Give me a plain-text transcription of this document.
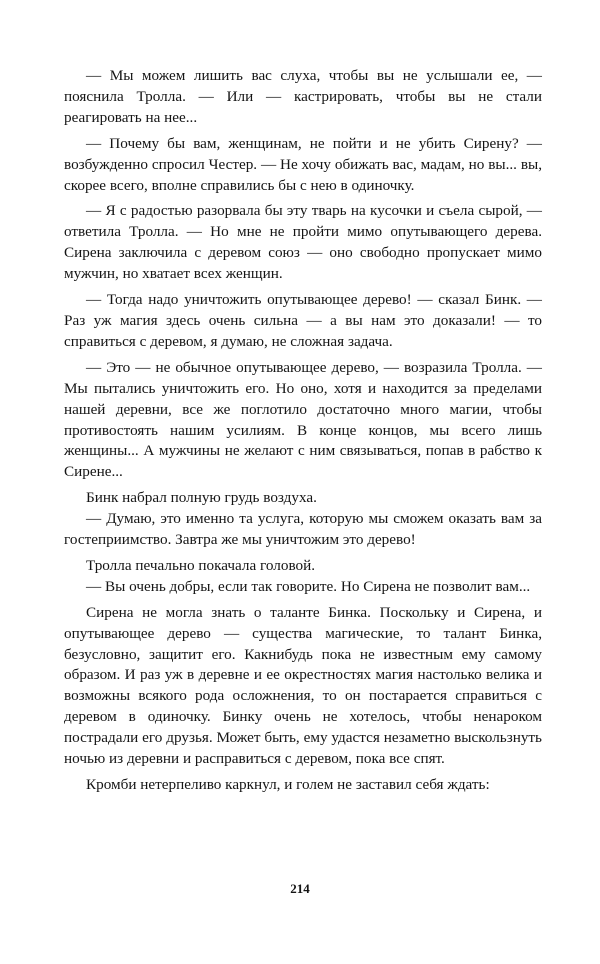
— Мы можем лишить вас слуха, чтобы вы не услышали ее, — пояснила Тролла. — Или — кастрировать, чтобы вы не стали реагировать на нее...

— Почему бы вам, женщинам, не пойти и не убить Сирену? — возбужденно спросил Честер. — Не хочу обижать вас, мадам, но вы... вы, скорее всего, вполне справились бы с нею в одиночку.

— Я с радостью разорвала бы эту тварь на кусочки и съела сырой, — ответила Тролла. — Но мне не пройти мимо опутывающего дерева. Сирена заключила с деревом союз — оно свободно пропускает мимо мужчин, но хватает всех женщин.

— Тогда надо уничтожить опутывающее дерево! — сказал Бинк. — Раз уж магия здесь очень сильна — а вы нам это доказали! — то справиться с деревом, я думаю, не сложная задача.

— Это — не обычное опутывающее дерево, — возразила Тролла. — Мы пытались уничтожить его. Но оно, хотя и находится за пределами нашей деревни, все же поглотило достаточно много магии, чтобы противостоять нашим усилиям. В конце концов, мы всего лишь женщины... А мужчины не желают с ним связываться, попав в рабство к Сирене...

Бинк набрал полную грудь воздуха.

— Думаю, это именно та услуга, которую мы сможем оказать вам за гостеприимство. Завтра же мы уничтожим это дерево!

Тролла печально покачала головой.

— Вы очень добры, если так говорите. Но Сирена не позволит вам...

Сирена не могла знать о таланте Бинка. Поскольку и Сирена, и опутывающее дерево — существа магические, то талант Бинка, безусловно, защитит его. Какнибудь пока не известным ему самому образом. И раз уж в деревне и ее окрестностях магия настолько велика и возможны всякого рода осложнения, то он постарается справиться с деревом в одиночку. Бинку очень не хотелось, чтобы ненароком пострадали его друзья. Может быть, ему удастся незаметно выскользнуть ночью из деревни и расправиться с деревом, пока все спят.

Кромби нетерпеливо каркнул, и голем не заставил себя ждать:

214
